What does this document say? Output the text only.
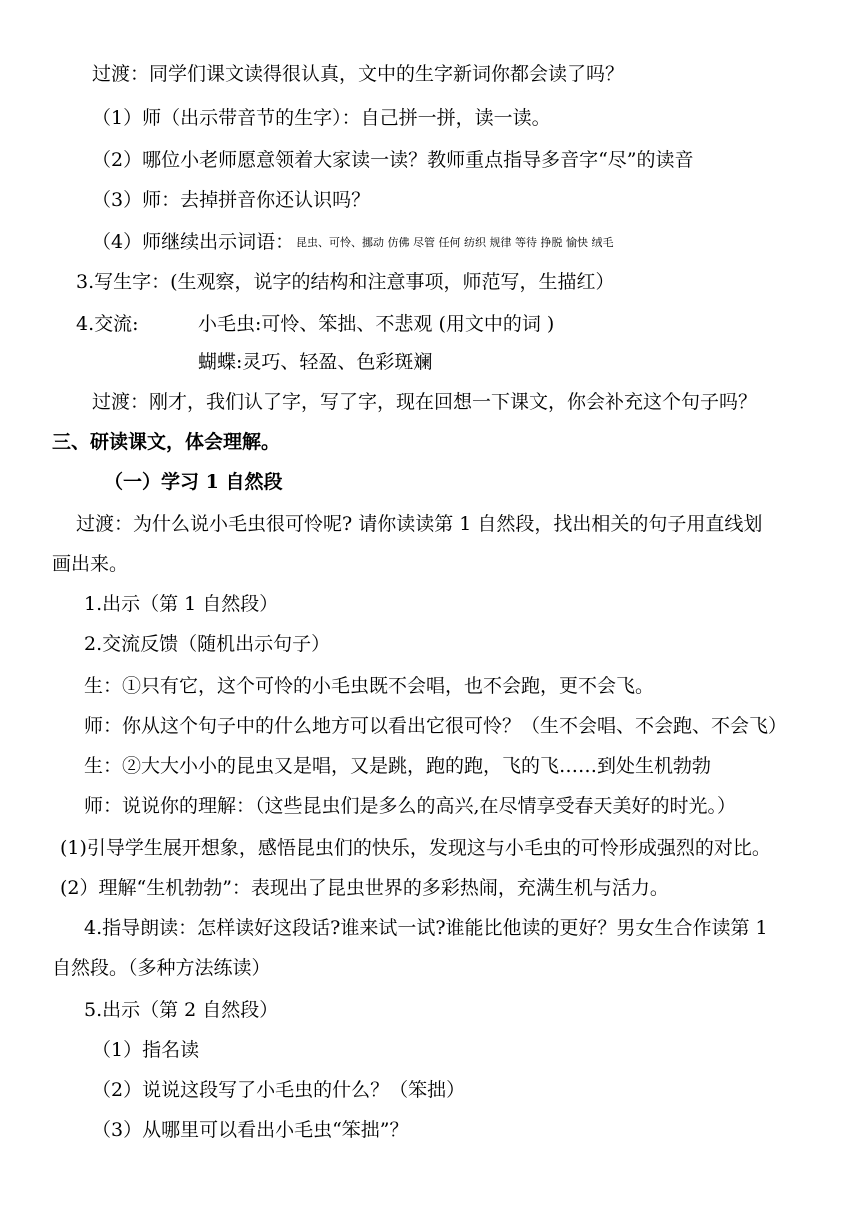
过渡：同学们课文读得很认真，文中的生字新词你都会读了吗？
（1）师（出示带音节的生字）：自己拼一拼，读一读。
（2）哪位小老师愿意领着大家读一读？教师重点指导多音字“尽”的读音
（3）师：去掉拼音你还认识吗？
（4）师继续出示词语： 昆虫、可怜、挪动 仿佛 尽管 任何 纺织 规律 等待 挣脱 愉快 绒毛
3.写生字：(生观察，说字的结构和注意事项，师范写，生描红）
4.交流:	小毛虫:可怜、笨拙、不悲观 (用文中的词 )
蝴蝶:灵巧、轻盈、色彩斑斓
过渡：刚才，我们认了字，写了字，现在回想一下课文，你会补充这个句子吗？
三、研读课文，体会理解。
（一）学习 1 自然段
过渡：为什么说小毛虫很可怜呢? 请你读读第 1 自然段，找出相关的句子用直线划
画出来。
1.出示（第 1 自然段）
2.交流反馈（随机出示句子）
生：①只有它，这个可怜的小毛虫既不会唱，也不会跑，更不会飞。
师：你从这个句子中的什么地方可以看出它很可怜？（生不会唱、不会跑、不会飞）
生：②大大小小的昆虫又是唱，又是跳，跑的跑，飞的飞……到处生机勃勃
师：说说你的理解：（这些昆虫们是多么的高兴,在尽情享受春天美好的时光。）
(1)引导学生展开想象，感悟昆虫们的快乐，发现这与小毛虫的可怜形成强烈的对比。
(2）理解“生机勃勃”：表现出了昆虫世界的多彩热闹，充满生机与活力。
4.指导朗读：怎样读好这段话?谁来试一试?谁能比他读的更好？男女生合作读第 1
自然段。（多种方法练读）
5.出示（第 2 自然段）
（1）指名读
（2）说说这段写了小毛虫的什么？（笨拙）
（3）从哪里可以看出小毛虫“笨拙”？
